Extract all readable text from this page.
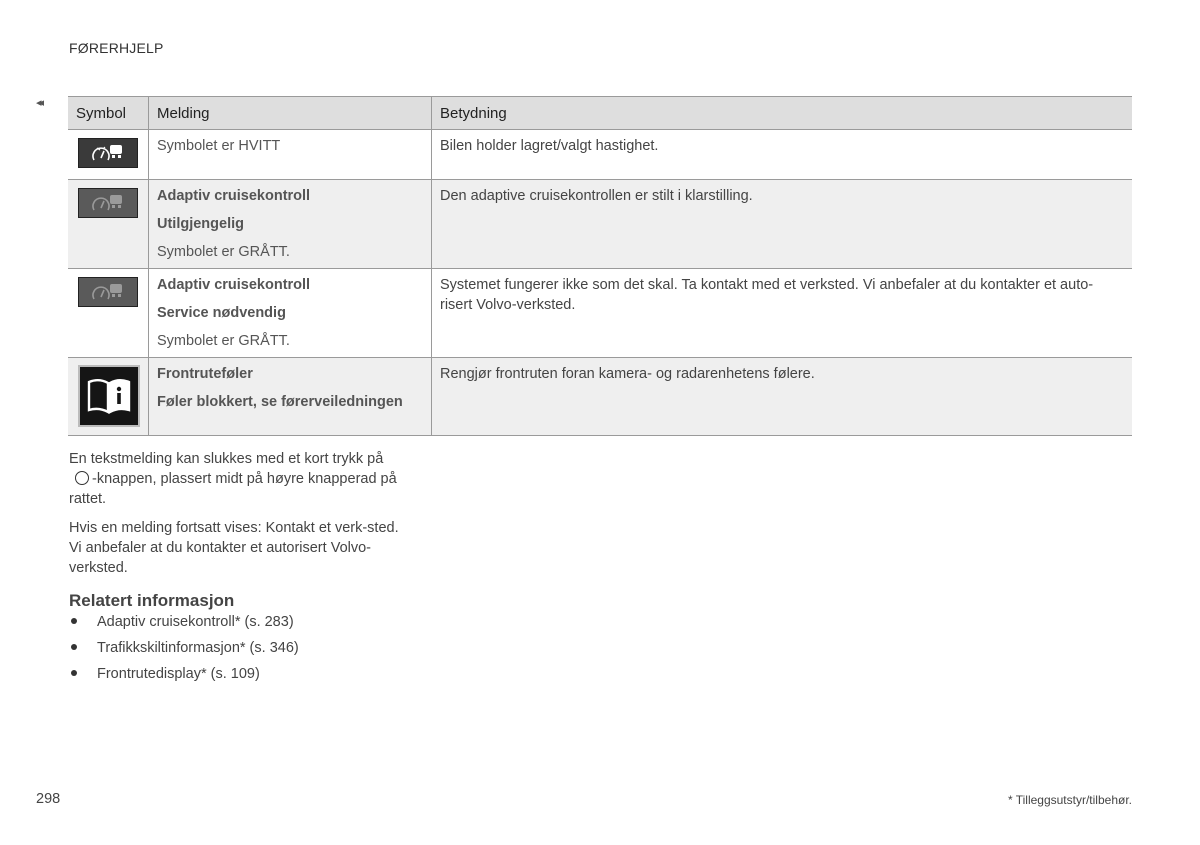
FØRERHJELP
◂◂
Symbol	Melding	Betydning

Symbolet er HVITT	Bilen holder lagret/valgt hastighet.

Adaptiv cruisekontroll
Utilgjengelig
Symbolet er GRÅTT.	Den adaptive cruisekontrollen er stilt i klarstilling.

Adaptiv cruisekontroll
Service nødvendig
Symbolet er GRÅTT.	Systemet fungerer ikke som det skal. Ta kontakt med et verksted. Vi anbefaler at du kontakter et auto-risert Volvo-verksted.

Frontruteføler
Føler blokkert, se førerveiledningen	Rengjør frontruten foran kamera- og radarenhetens følere.
En tekstmelding kan slukkes med et kort trykk på
-knappen, plassert midt på høyre knapperad på rattet.
Hvis en melding fortsatt vises: Kontakt et verk-sted. Vi anbefaler at du kontakter et autorisert Volvo-verksted.
Relatert informasjon
Adaptiv cruisekontroll* (s. 283)
Trafikkskiltinformasjon* (s. 346)
Frontrutedisplay* (s. 109)
298	* Tilleggsutstyr/tilbehør.
